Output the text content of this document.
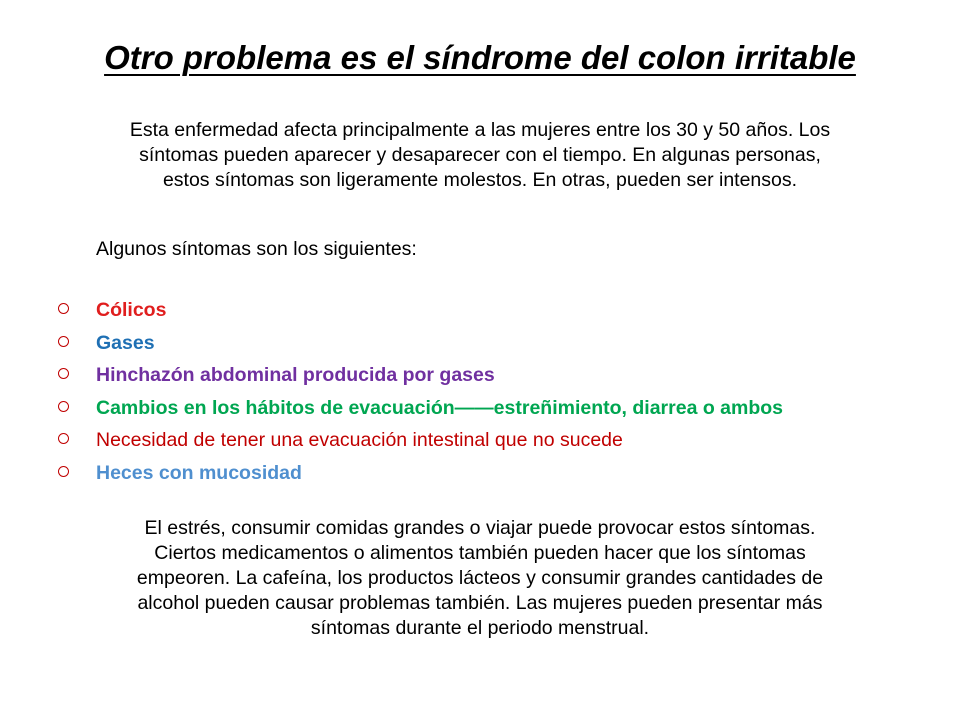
Otro problema es el síndrome del colon irritable
Esta enfermedad afecta principalmente a las mujeres entre los 30 y 50 años. Los
síntomas pueden aparecer y desaparecer con el tiempo. En algunas personas,
estos síntomas son ligeramente molestos. En otras, pueden ser intensos.
Algunos síntomas son los siguientes:
Cólicos
Gases
Hinchazón abdominal producida por gases
Cambios en los hábitos de evacuación——estreñimiento, diarrea o ambos
Necesidad de tener una evacuación intestinal que no sucede
Heces con mucosidad
El estrés, consumir comidas grandes o viajar puede provocar estos síntomas.
Ciertos medicamentos o alimentos también pueden hacer que los síntomas
empeoren. La cafeína, los productos lácteos y consumir grandes cantidades de
alcohol pueden causar problemas también. Las mujeres pueden presentar más
síntomas durante el periodo menstrual.
